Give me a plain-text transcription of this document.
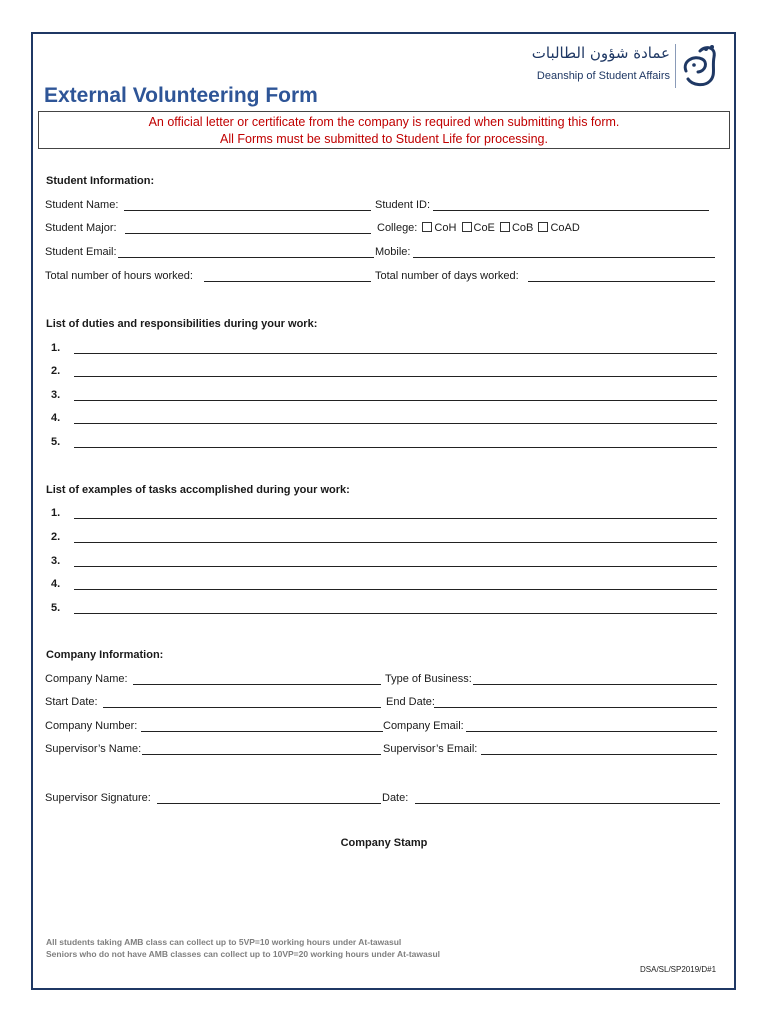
عمادة شؤون الطالبات
Deanship of Student Affairs
External Volunteering Form
An official letter or certificate from the company is required when submitting this form.
All Forms must be submitted to Student Life for processing.
Student Information:
Student Name:	Student ID:
Student Major:	College: CoH CoE CoB CoAD
Student Email:	Mobile:
Total number of hours worked:	Total number of days worked:
List of duties and responsibilities during your work:
1.
2.
3.
4.
5.
List of examples of tasks accomplished during your work:
1.
2.
3.
4.
5.
Company Information:
Company Name:	Type of Business:
Start Date:	End Date:
Company Number:	Company Email:
Supervisor’s Name:	Supervisor’s Email:
Supervisor Signature:	Date:
Company Stamp
All students taking AMB class can collect up to 5VP=10 working hours under At-tawasul
Seniors who do not have AMB classes can collect up to 10VP=20 working hours under At-tawasul
DSA/SL/SP2019/D#1
